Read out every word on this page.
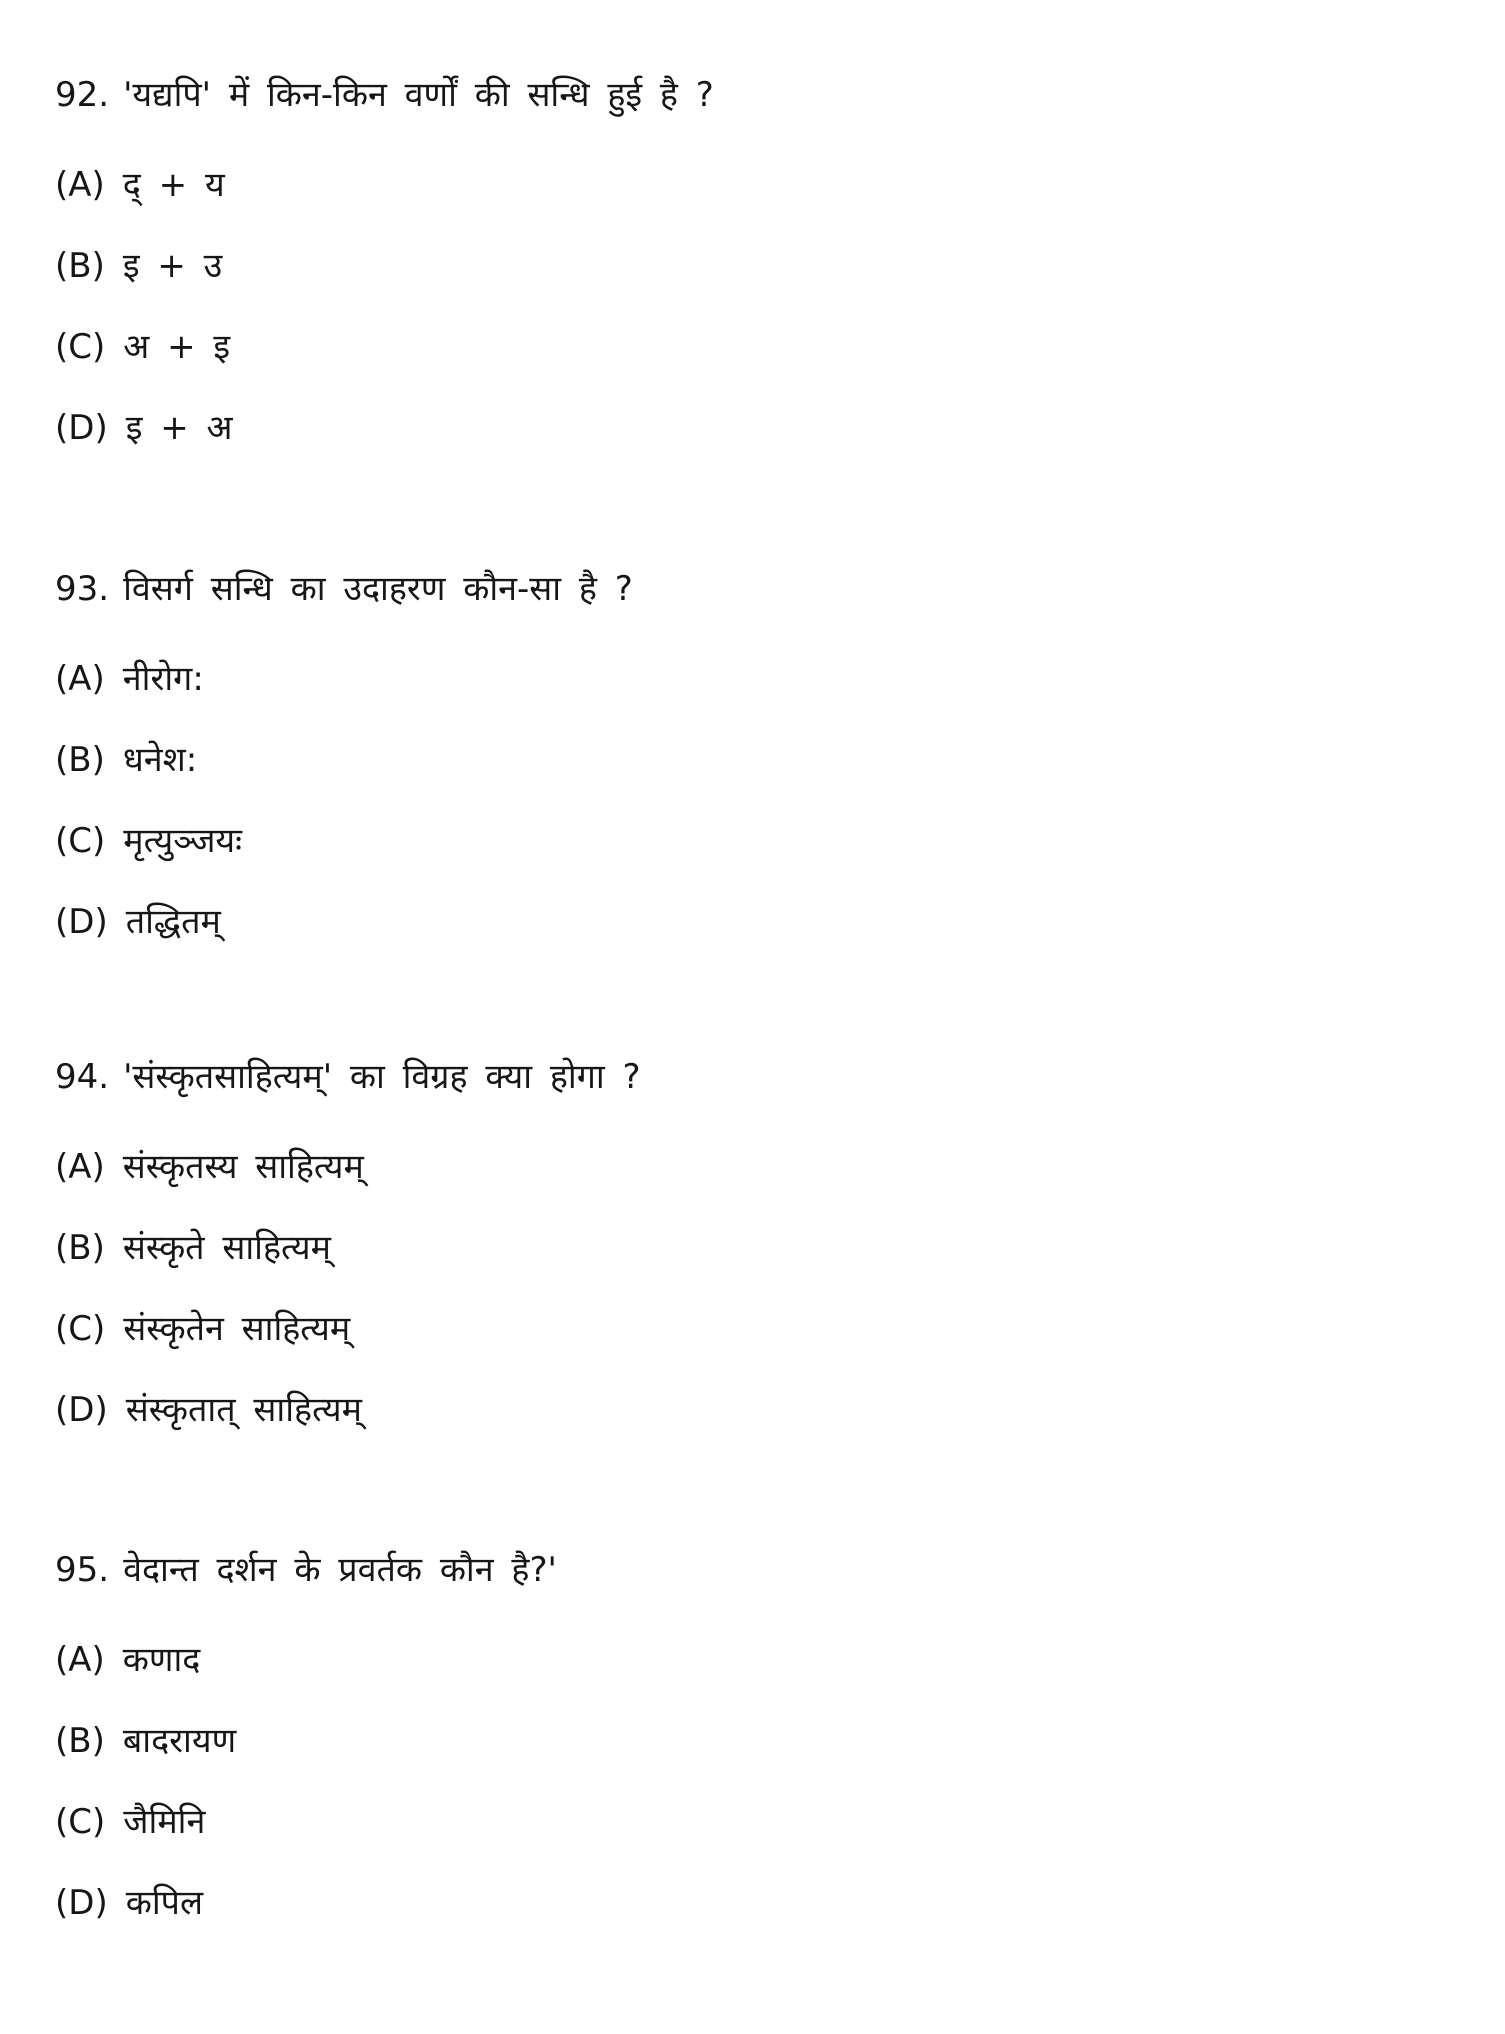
92. 'यद्यपि' में किन-किन वर्णों की सन्धि हुई है ?
(A) द् + य
(B) इ + उ
(C) अ + इ
(D) इ + अ
93. विसर्ग सन्धि का उदाहरण कौन-सा है ?
(A) नीरोग:
(B) धनेश:
(C) मृत्युञ्जयः
(D) तद्धितम्
94. 'संस्कृतसाहित्यम्' का विग्रह क्या होगा ?
(A) संस्कृतस्य साहित्यम्
(B) संस्कृते साहित्यम्
(C) संस्कृतेन साहित्यम्
(D) संस्कृतात् साहित्यम्
95. वेदान्त दर्शन के प्रवर्तक कौन है?'
(A) कणाद
(B) बादरायण
(C) जैमिनि
(D) कपिल
